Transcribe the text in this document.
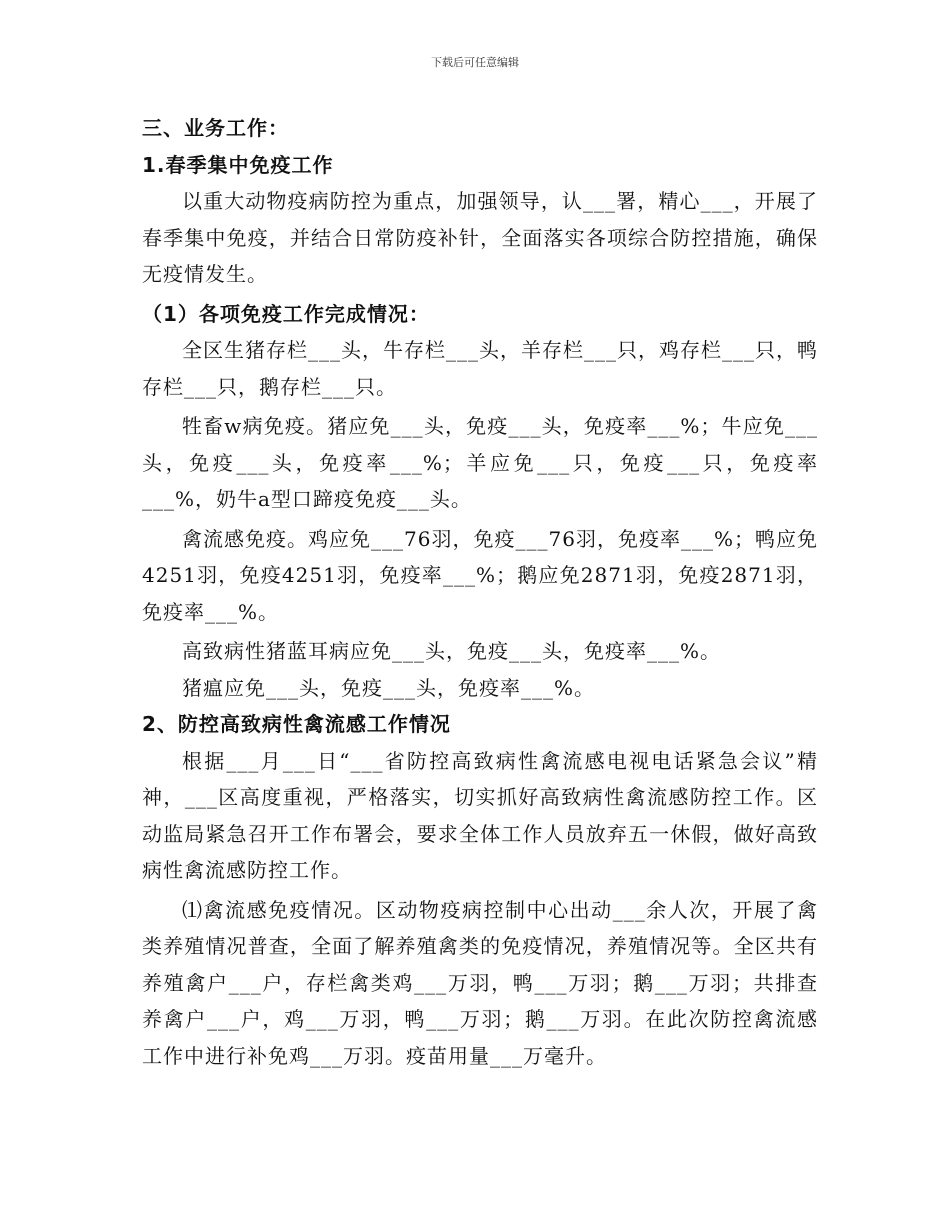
下载后可任意编辑

三、业务工作：

1.春季集中免疫工作

以重大动物疫病防控为重点，加强领导，认___署，精心___，开展了春季集中免疫，并结合日常防疫补针，全面落实各项综合防控措施，确保无疫情发生。

（1）各项免疫工作完成情况：

全区生猪存栏___头，牛存栏___头，羊存栏___只，鸡存栏___只，鸭存栏___只，鹅存栏___只。

牲畜w病免疫。猪应免___头，免疫___头，免疫率___%；牛应免___头，免疫___头，免疫率___%；羊应免___只，免疫___只，免疫率___%，奶牛a型口蹄疫免疫___头。

禽流感免疫。鸡应免___76羽，免疫___76羽，免疫率___%；鸭应免4251羽，免疫4251羽，免疫率___%；鹅应免2871羽，免疫2871羽，免疫率___%。

高致病性猪蓝耳病应免___头，免疫___头，免疫率___%。

猪瘟应免___头，免疫___头，免疫率___%。

2、防控高致病性禽流感工作情况

根据___月___日“___省防控高致病性禽流感电视电话紧急会议”精神，___区高度重视，严格落实，切实抓好高致病性禽流感防控工作。区动监局紧急召开工作布署会，要求全体工作人员放弃五一休假，做好高致病性禽流感防控工作。

⑴禽流感免疫情况。区动物疫病控制中心出动___余人次，开展了禽类养殖情况普查，全面了解养殖禽类的免疫情况，养殖情况等。全区共有养殖禽户___户，存栏禽类鸡___万羽，鸭___万羽；鹅___万羽；共排查养禽户___户，鸡___万羽，鸭___万羽；鹅___万羽。在此次防控禽流感工作中进行补免鸡___万羽。疫苗用量___万毫升。
